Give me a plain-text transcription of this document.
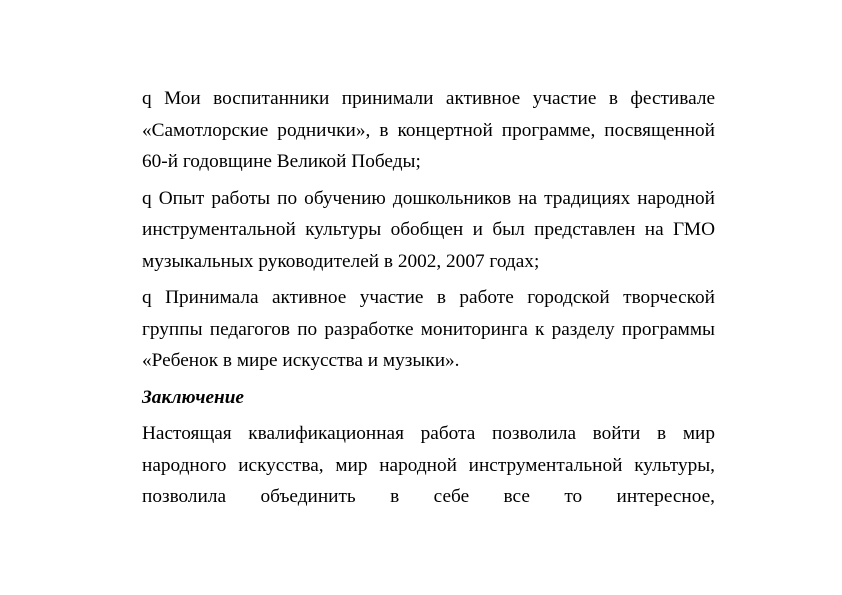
q Мои воспитанники принимали активное участие в фестивале «Самотлорские роднички», в концертной программе, посвященной 60-й годовщине Великой Победы;

q Опыт работы по обучению дошкольников на традициях народной инструментальной культуры обобщен и был представлен на ГМО музыкальных руководителей в 2002, 2007 годах;

q Принимала активное участие в работе городской творческой группы педагогов по разработке мониторинга к разделу программы «Ребенок в мире искусства и музыки».

Заключение

Настоящая квалификационная работа позволила войти в мир народного искусства, мир народной инструментальной культуры, позволила объединить в себе все то интересное,
